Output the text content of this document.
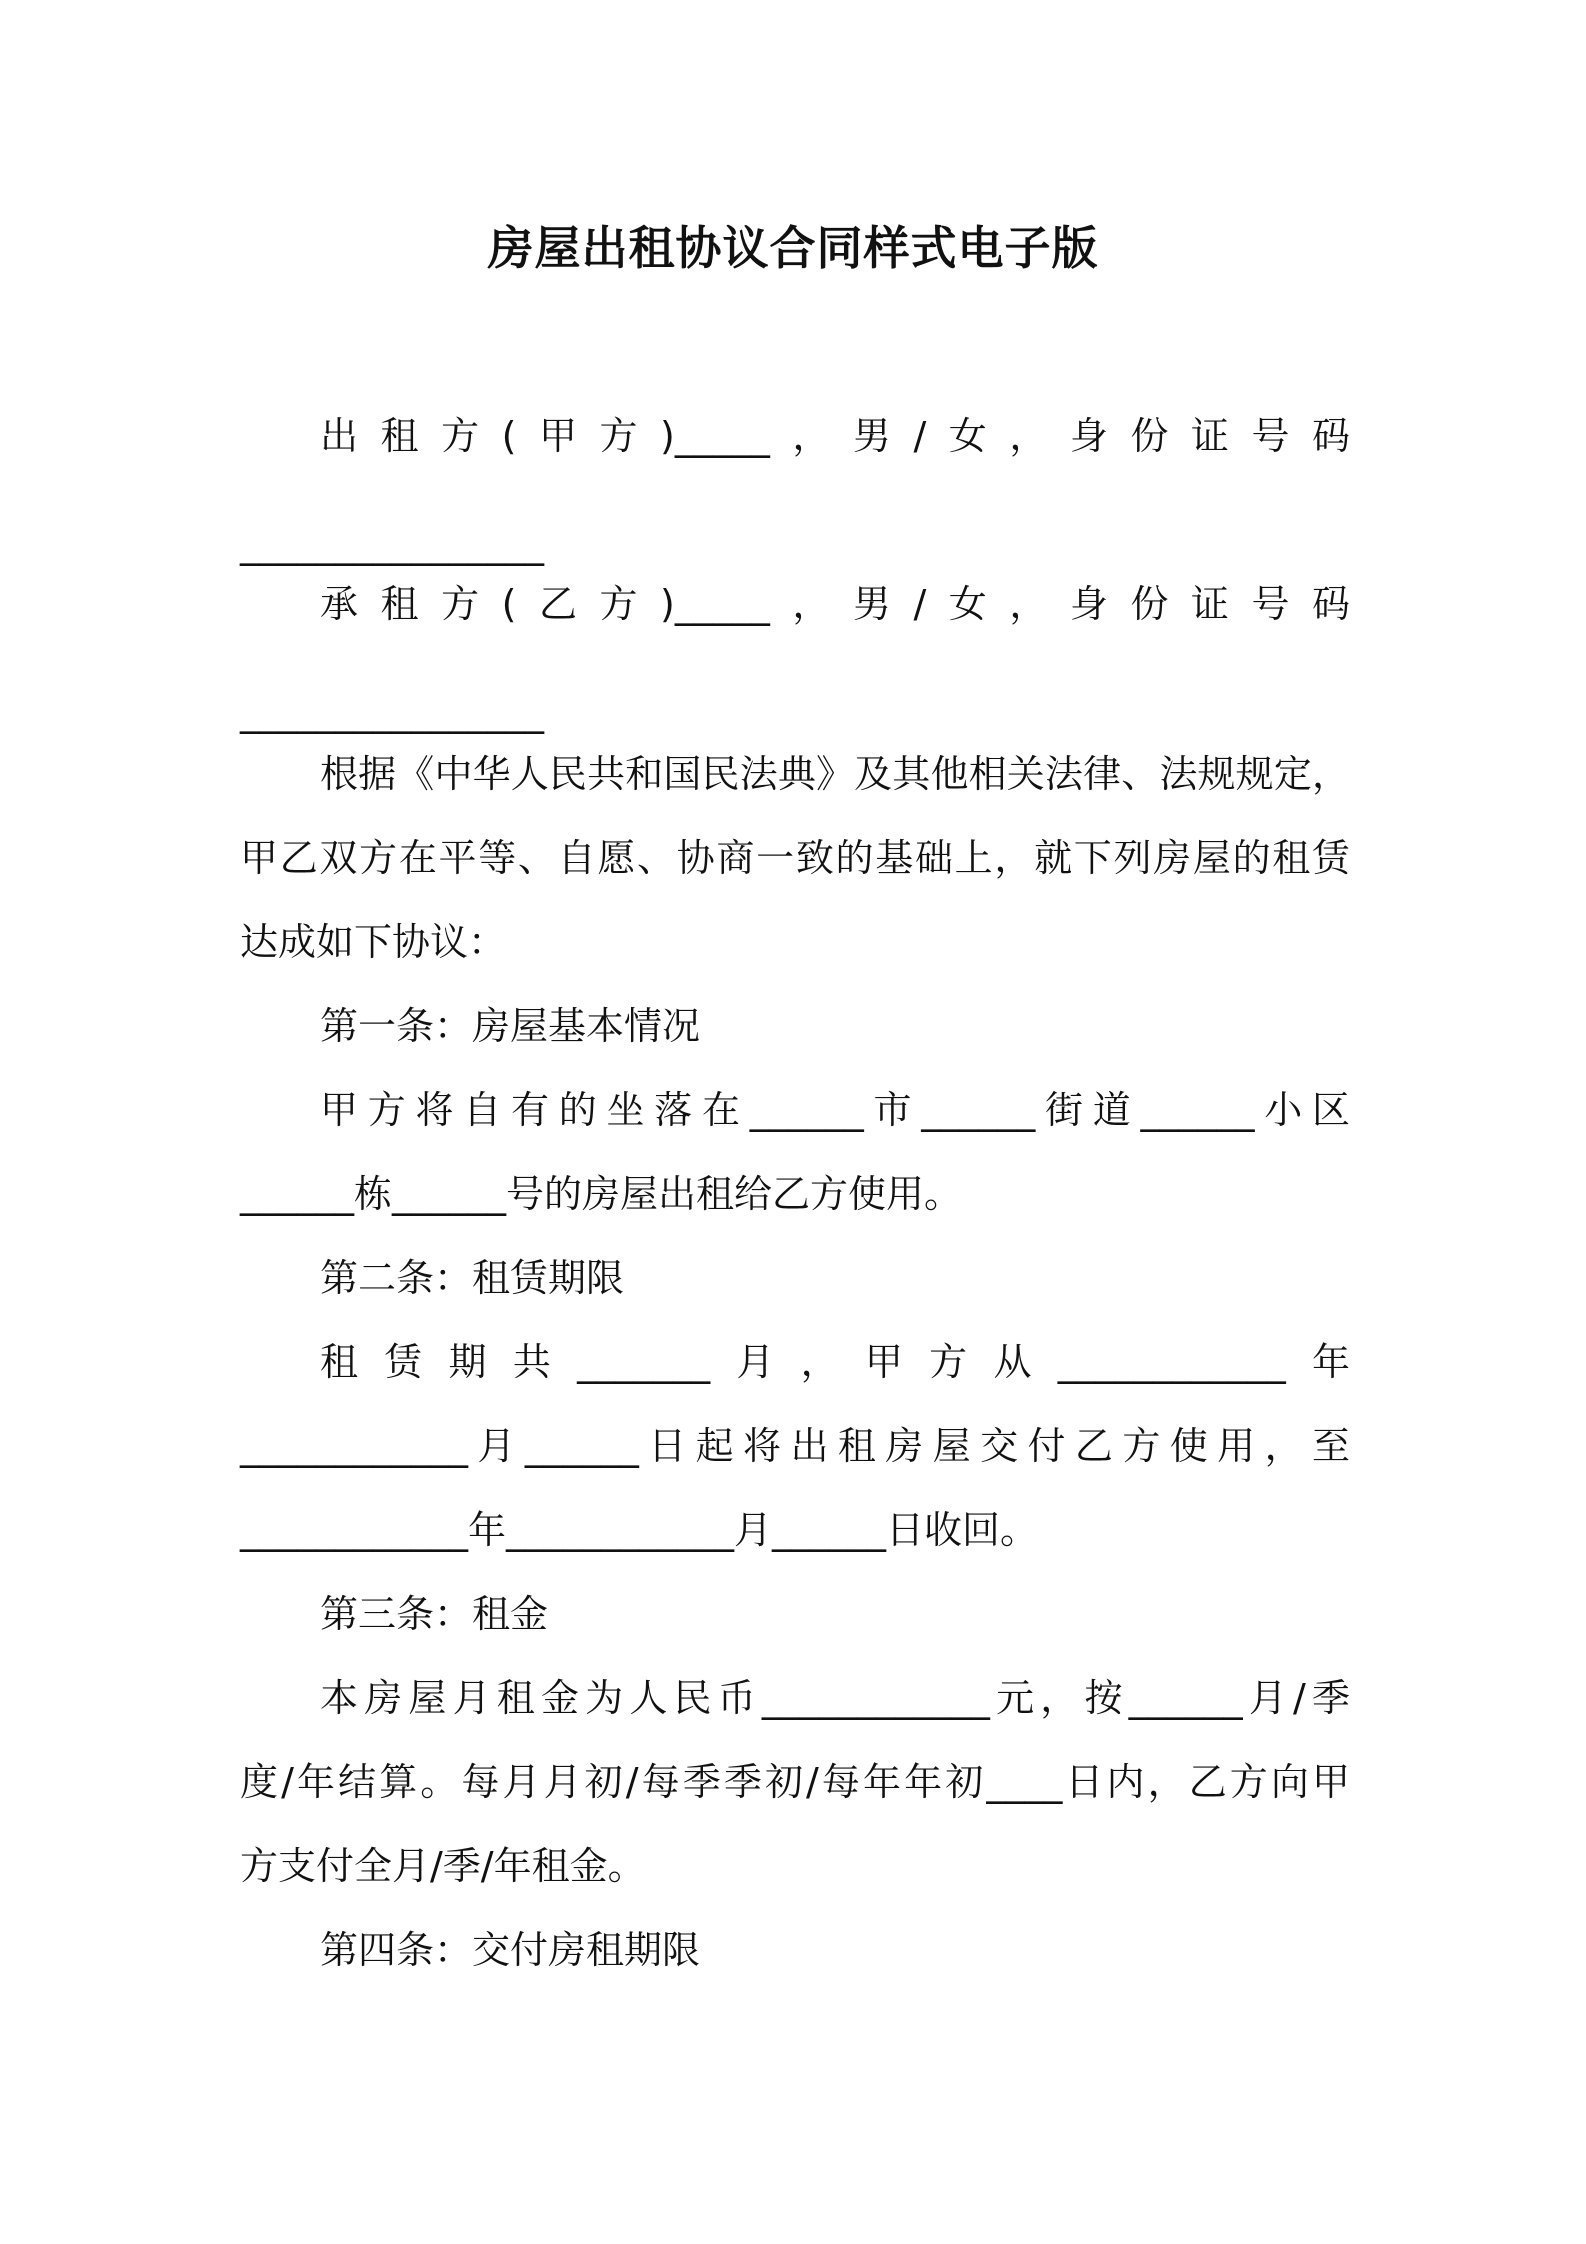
房屋出租协议合同样式电子版
出租方(甲方)_____，男/女，身份证号码
________________
承租方(乙方)_____，男/女，身份证号码
________________
根据《中华人民共和国民法典》及其他相关法律、法规规定，
甲乙双方在平等、自愿、协商一致的基础上，就下列房屋的租赁
达成如下协议：
第一条：房屋基本情况
甲方将自有的坐落在______市______街道______小区
______栋______号的房屋出租给乙方使用。
第二条：租赁期限
租赁期共_______月，甲方从____________年
____________月______日起将出租房屋交付乙方使用，至
____________年____________月______日收回。
第三条：租金
本房屋月租金为人民币____________元，按______月/季
度/年结算。每月月初/每季季初/每年年初____日内，乙方向甲
方支付全月/季/年租金。
第四条：交付房租期限
